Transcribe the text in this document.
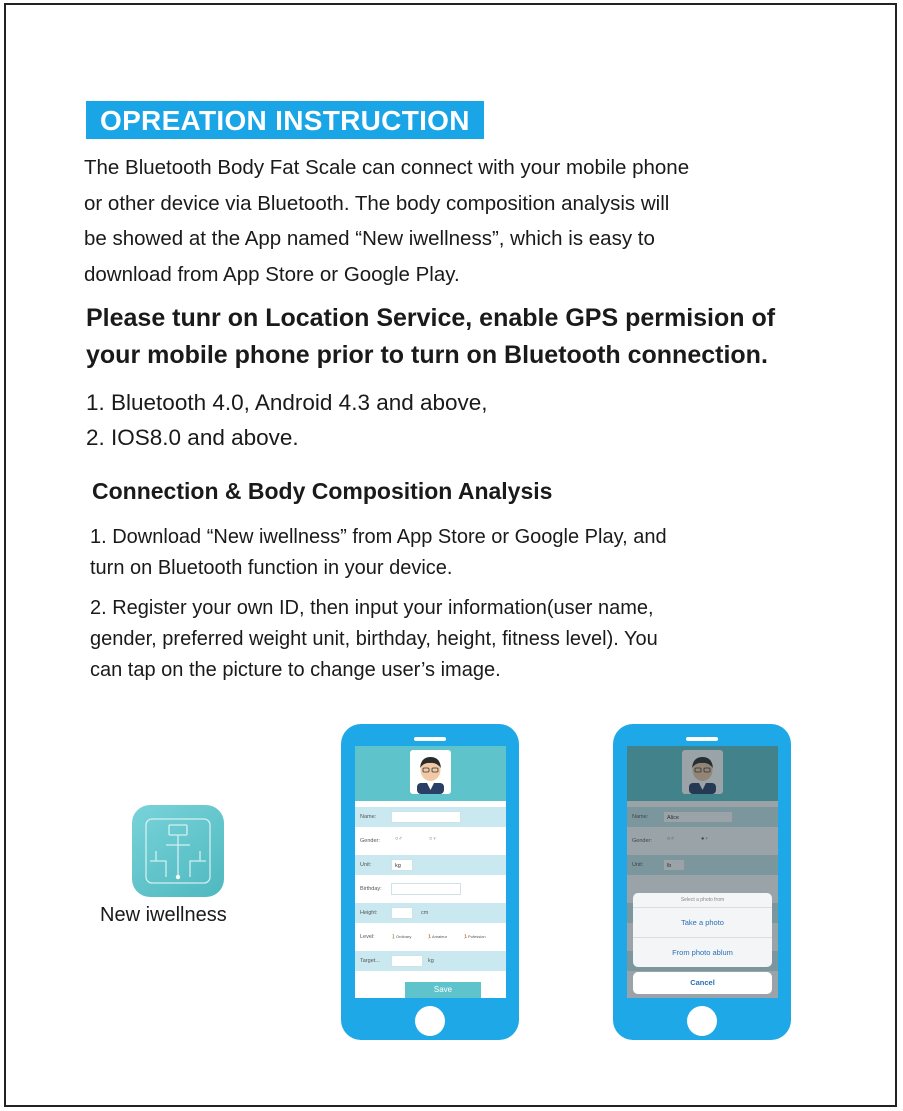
OPREATION INSTRUCTION
The Bluetooth Body Fat Scale can connect with your mobile phone
or other device via Bluetooth. The body composition analysis will
be showed at the App named “New iwellness”, which is easy to
download from App Store or Google Play.
Please tunr on Location Service, enable GPS permision of
your mobile phone prior to turn on Bluetooth connection.
1. Bluetooth 4.0, Android 4.3 and above,
2. IOS8.0 and above.
Connection & Body Composition Analysis
1. Download “New iwellness” from App Store or Google Play, and
turn on Bluetooth function in your device.
2. Register your own ID, then input your information(user name,
gender, preferred weight unit, birthday, height, fitness level). You
can tap on the picture to change user’s image.
New iwellness
Name:
Gender:	○♂	○♀
Unit:	kg
Birthday:
Height:	cm
Level:	🚶Ordinary	🏃Amateur	🏃Pofession
Target...	kg
Save
Name:	Alice
Gender:	○♂	●♀
Unit:	lb
Select a photo from
Take a photo
From photo ablum
Cancel
